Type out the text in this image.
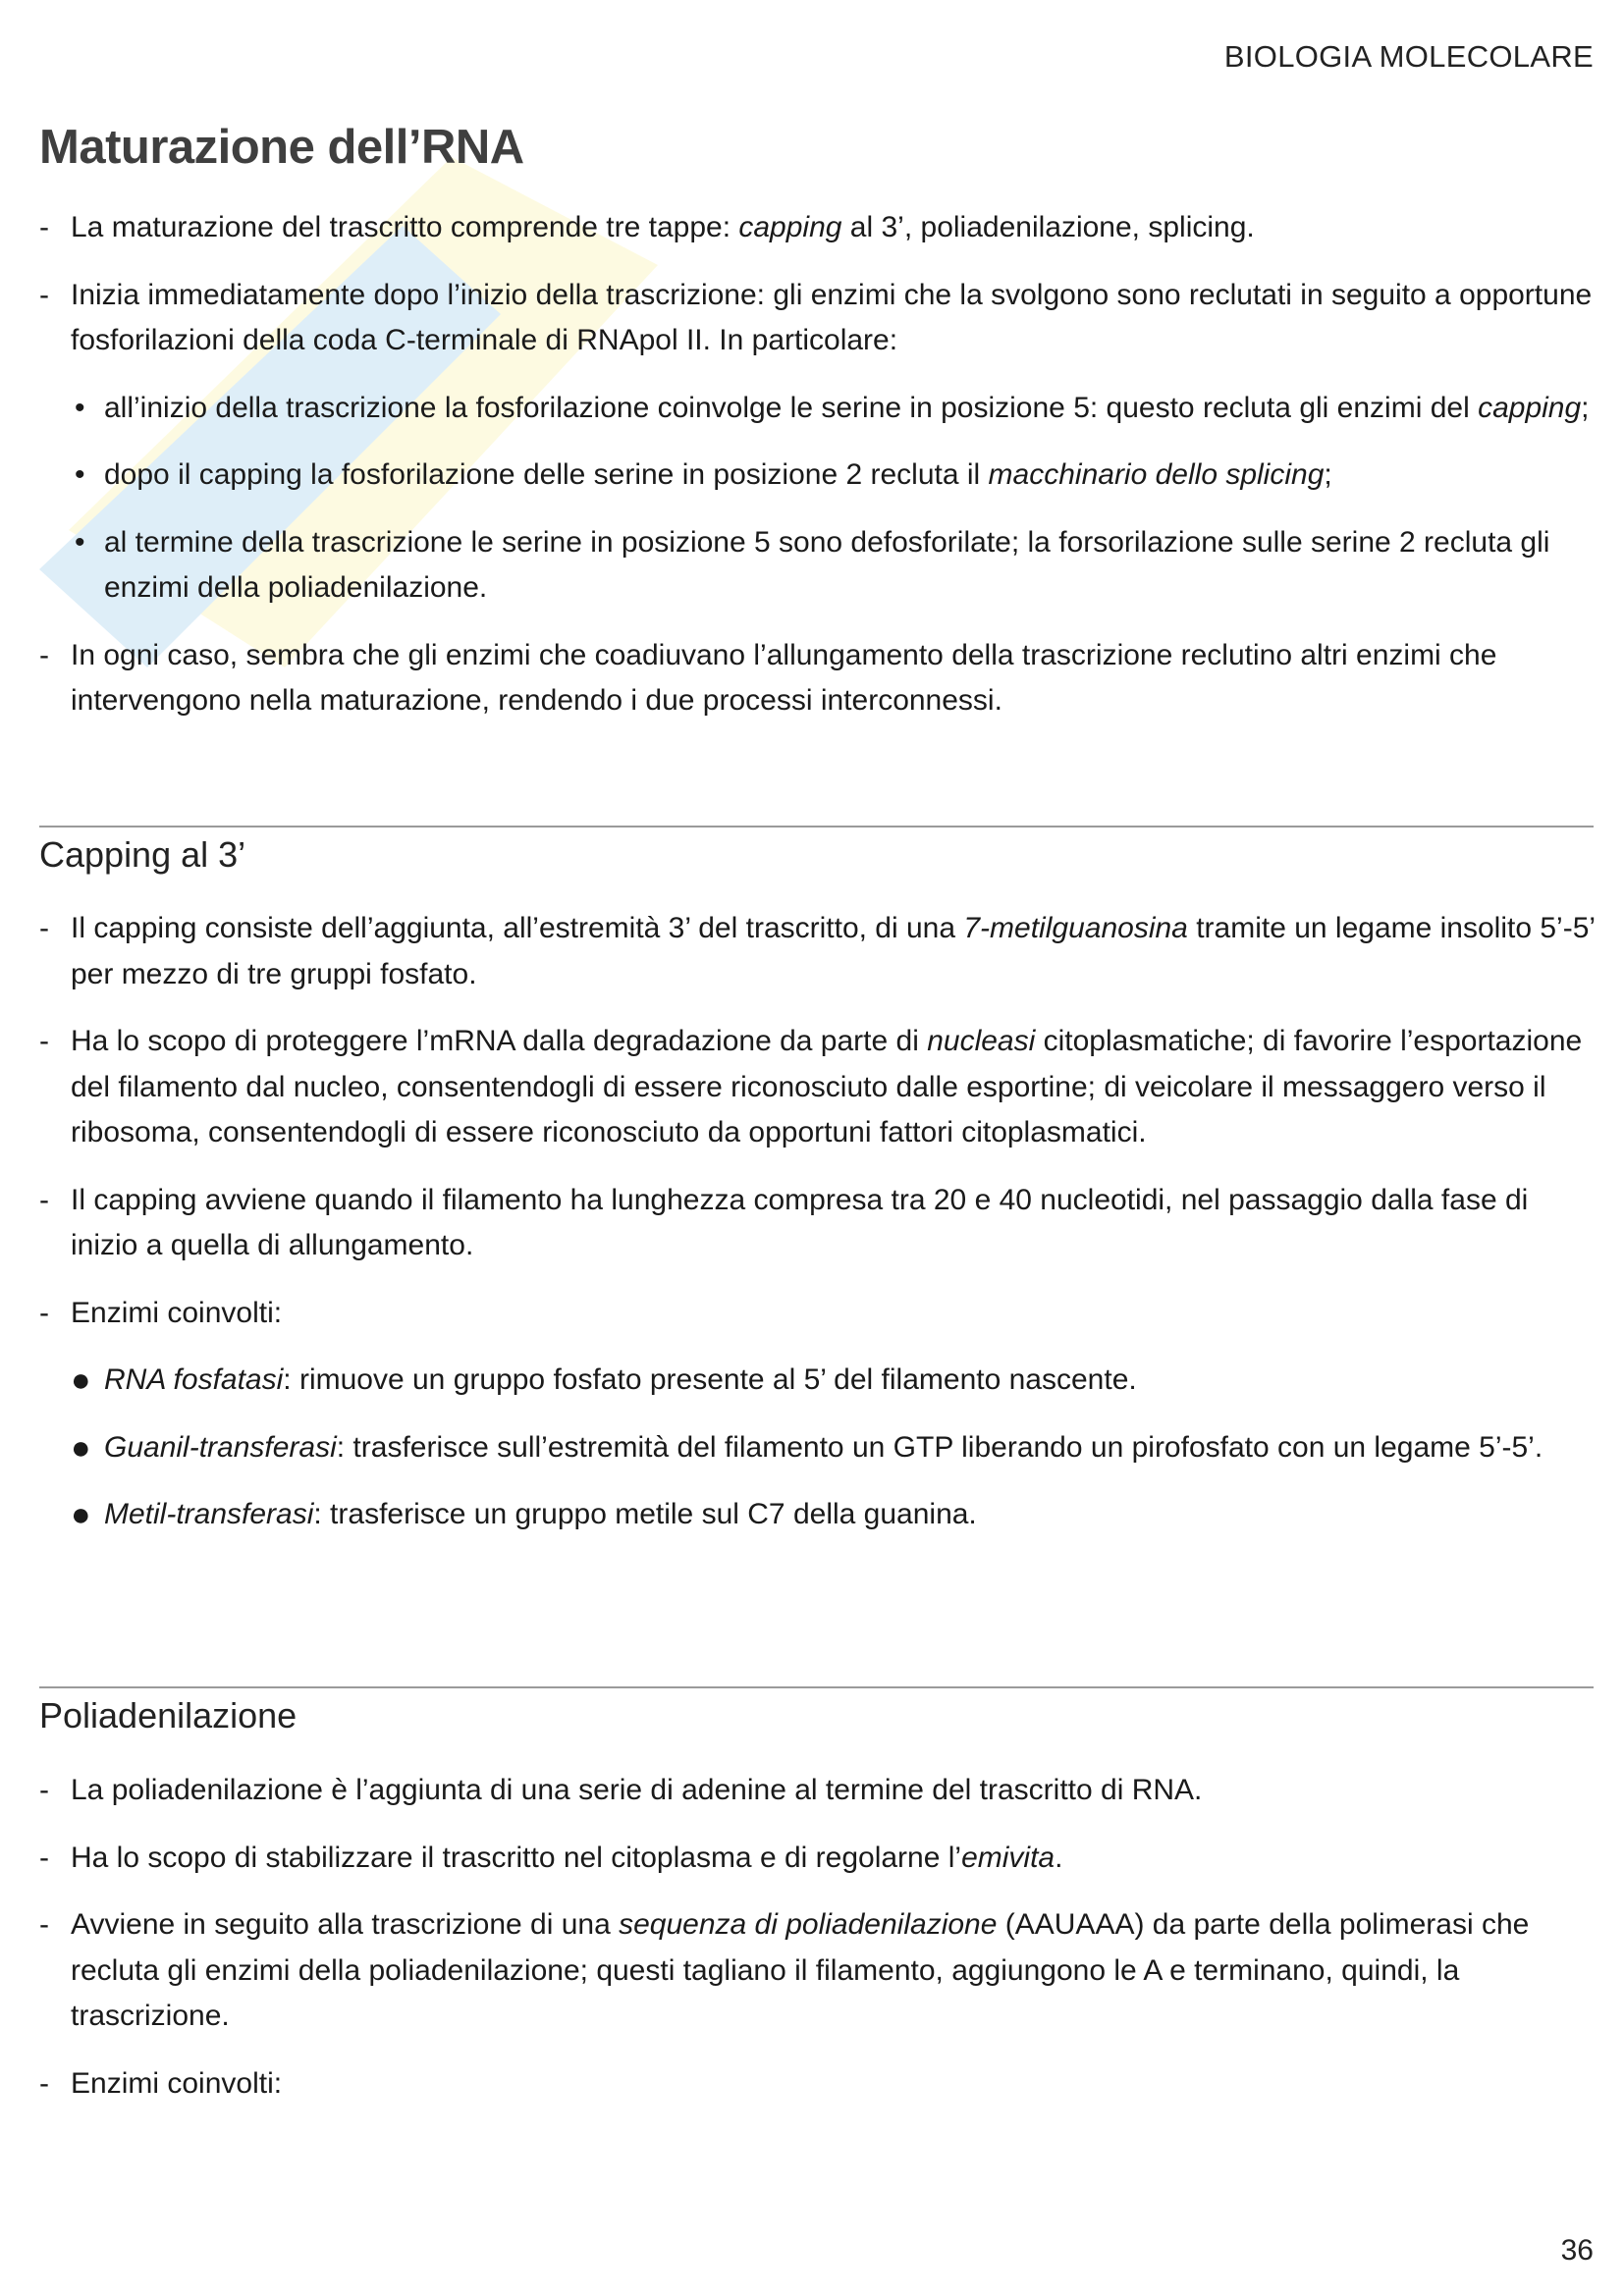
BIOLOGIA MOLECOLARE
Maturazione dell’RNA
- La maturazione del trascritto comprende tre tappe: capping al 3’, poliadenilazione, splicing.
- Inizia immediatamente dopo l’inizio della trascrizione: gli enzimi che la svolgono sono reclutati in seguito a opportune fosforilazioni della coda C-terminale di RNApol II. In particolare:
• all’inizio della trascrizione la fosforilazione coinvolge le serine in posizione 5: questo recluta gli enzimi del capping;
• dopo il capping la fosforilazione delle serine in posizione 2 recluta il macchinario dello splicing;
• al termine della trascrizione le serine in posizione 5 sono defosforilate; la forsorilazione sulle serine 2 recluta gli enzimi della poliadenilazione.
- In ogni caso, sembra che gli enzimi che coadiuvano l’allungamento della trascrizione reclutino altri enzimi che intervengono nella maturazione, rendendo i due processi interconnessi.
Capping al 3’
- Il capping consiste dell’aggiunta, all’estremità 3’ del trascritto, di una 7-metilguanosina tramite un legame insolito 5’-5’ per mezzo di tre gruppi fosfato.
- Ha lo scopo di proteggere l’mRNA dalla degradazione da parte di nucleasi citoplasmatiche; di favorire l’esportazione del filamento dal nucleo, consentendogli di essere riconosciuto dalle esportine; di veicolare il messaggero verso il ribosoma, consentendogli di essere riconosciuto da opportuni fattori citoplasmatici.
- Il capping avviene quando il filamento ha lunghezza compresa tra 20 e 40 nucleotidi, nel passaggio dalla fase di inizio a quella di allungamento.
- Enzimi coinvolti:
● RNA fosfatasi: rimuove un gruppo fosfato presente al 5’ del filamento nascente.
● Guanil-transferasi: trasferisce sull’estremità del filamento un GTP liberando un pirofosfato con un legame 5’-5’.
● Metil-transferasi: trasferisce un gruppo metile sul C7 della guanina.
Poliadenilazione
- La poliadenilazione è l’aggiunta di una serie di adenine al termine del trascritto di RNA.
- Ha lo scopo di stabilizzare il trascritto nel citoplasma e di regolarne l’emivita.
- Avviene in seguito alla trascrizione di una sequenza di poliadenilazione (AAUAAA) da parte della polimerasi che recluta gli enzimi della poliadenilazione; questi tagliano il filamento, aggiungono le A e terminano, quindi, la trascrizione.
- Enzimi coinvolti:
36
